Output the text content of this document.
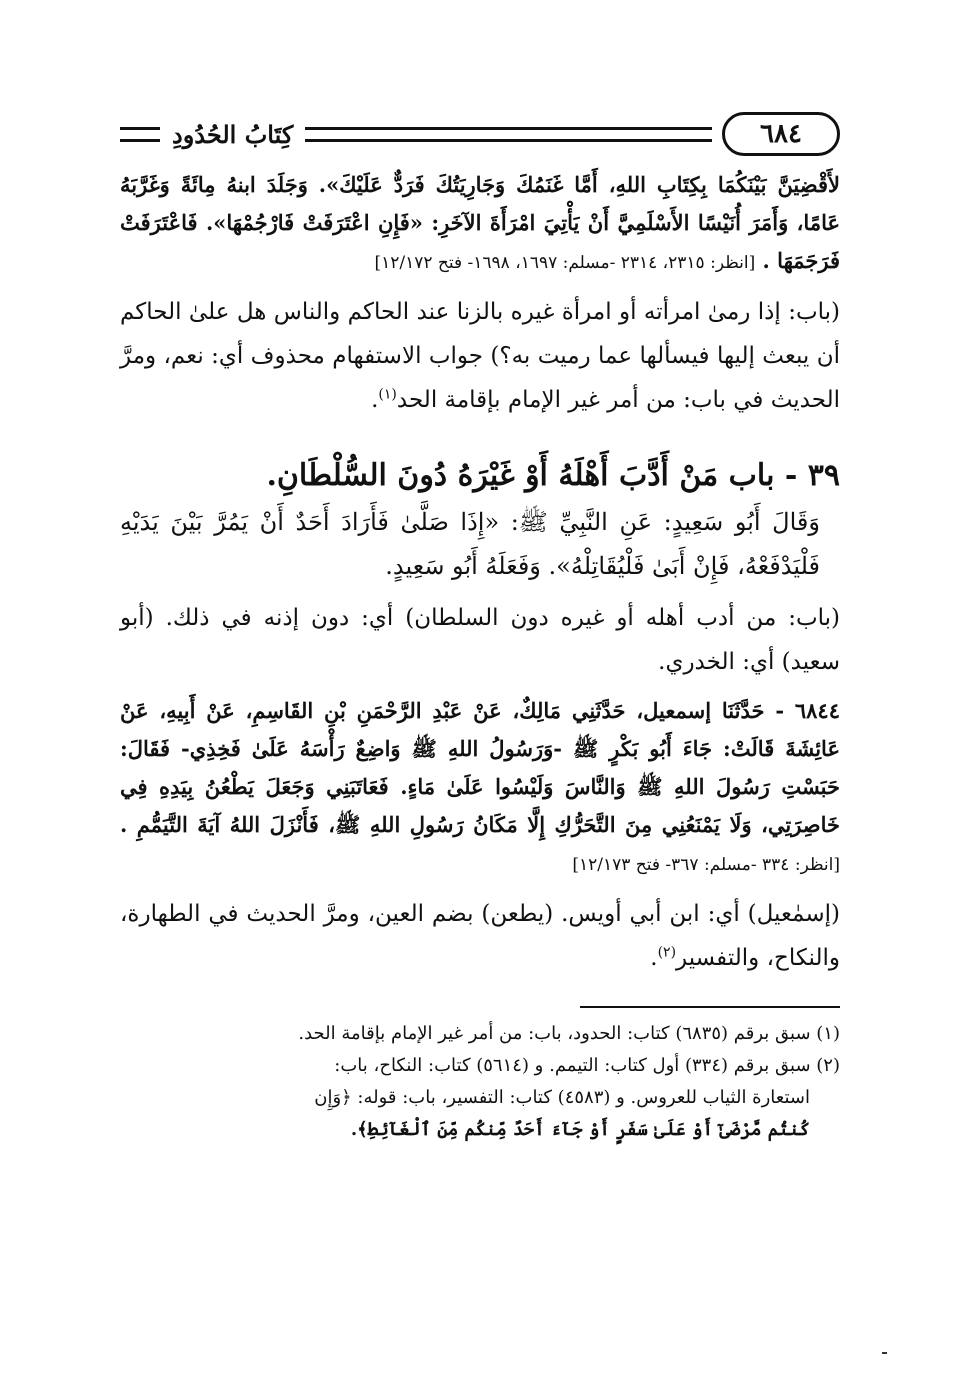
٦٨٤
كِتَابُ الحُدُودِ

لأَقْضِيَنَّ بَيْنَكُمَا بِكِتَابِ اللهِ، أَمَّا غَنَمُكَ وَجَارِيَتُكَ فَرَدٌّ عَلَيْكَ». وَجَلَدَ ابنهُ مِائَةً وَغَرَّبَهُ عَامًا، وَأَمَرَ أُنَيْسًا الأَسْلَمِيَّ أَنْ يَأْتِيَ امْرَأَةَ الآخَرِ: «فَإِنِ اعْتَرَفَتْ فَارْجُمْهَا». فَاعْتَرَفَتْ فَرَجَمَهَا . [انظر: ٢٣١٥، ٢٣١٤ -مسلم: ١٦٩٧، ١٦٩٨- فتح ١٢/١٧٢]

(باب: إذا رمىٰ امرأته أو امرأة غيره بالزنا عند الحاكم والناس هل علىٰ الحاكم أن يبعث إليها فيسألها عما رميت به؟) جواب الاستفهام محذوف أي: نعم، ومرَّ الحديث في باب: من أمر غير الإمام بإقامة الحد$^{(١)}$.

٣٩ - باب مَنْ أَدَّبَ أَهْلَهُ أَوْ غَيْرَهُ دُونَ السُّلْطَانِ.

وَقَالَ أَبُو سَعِيدٍ: عَنِ النَّبِيِّ ﷺ: «إِذَا صَلَّىٰ فَأَرَادَ أَحَدٌ أَنْ يَمُرَّ بَيْنَ يَدَيْهِ فَلْيَدْفَعْهُ، فَإِنْ أَبَىٰ فَلْيُقَاتِلْهُ». وَفَعَلَهُ أَبُو سَعِيدٍ.

(باب: من أدب أهله أو غيره دون السلطان) أي: دون إذنه في ذلك. (أبو سعيد) أي: الخدري.

٦٨٤٤ - حَدَّثَنَا إسمعيل، حَدَّثَنِي مَالِكٌ، عَنْ عَبْدِ الرَّحْمَنِ بْنِ القَاسِمِ، عَنْ أَبِيهِ، عَنْ عَائِشَةَ قَالَتْ: جَاءَ أَبُو بَكْرٍ ﷺ -وَرَسُولُ اللهِ ﷺ وَاضِعٌ رَأْسَهُ عَلَىٰ فَخِذِي- فَقَالَ: حَبَسْتِ رَسُولَ اللهِ ﷺ وَالنَّاسَ وَلَيْسُوا عَلَىٰ مَاءٍ. فَعَاتَبَنِي وَجَعَلَ يَطْعُنُ بِيَدِهِ فِي خَاصِرَتِي، وَلَا يَمْنَعُنِي مِنَ التَّحَرُّكِ إِلَّا مَكَانُ رَسُولِ اللهِ ﷺ، فَأَنْزَلَ اللهُ آيَةَ التَّيَمُّمِ . [انظر: ٣٣٤ -مسلم: ٣٦٧- فتح ١٢/١٧٣]

(إسمٰعيل) أي: ابن أبي أويس. (يطعن) بضم العين، ومرَّ الحديث في الطهارة، والنكاح، والتفسير$^{(٢)}$.

(١) سبق برقم (٦٨٣٥) كتاب: الحدود، باب: من أمر غير الإمام بإقامة الحد.

(٢) سبق برقم (٣٣٤) أول كتاب: التيمم. و (٥٦١٤) كتاب: النكاح، باب:
استعارة الثياب للعروس. و (٤٥٨٣) كتاب: التفسير، باب: قوله: ﴿وَإِن
كُنتُم مَّرْضَىٰٓ أَوْ عَلَىٰ سَفَرٍ أَوْ جَآءَ أَحَدٌ مِّنكُم مِّنَ ٱلْغَآئِطِ﴾.
